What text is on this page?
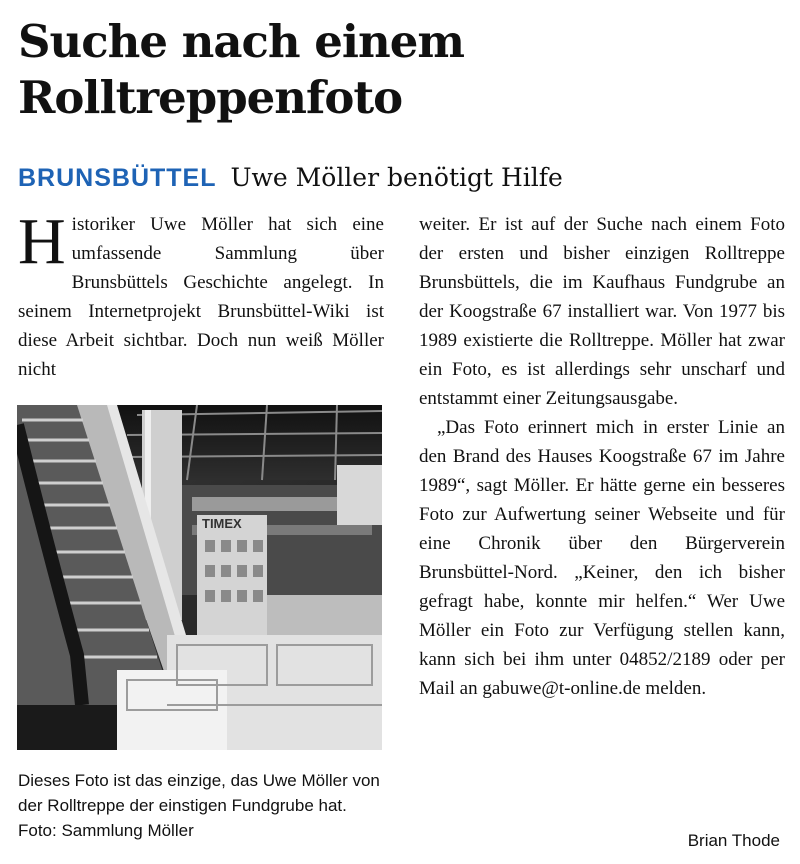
Suche nach einem
Rolltreppenfoto
BRUNSBÜTTEL Uwe Möller benötigt Hilfe
H istoriker Uwe Möller hat sich eine umfassende Sammlung über Brunsbüttels Geschichte angelegt. In seinem Internetprojekt Brunsbüttel-Wiki ist diese Arbeit sichtbar. Doch nun weiß Möller nicht
TIMEX
Dieses Foto ist das einzige, das Uwe Möller von der Rolltreppe der einstigen Fundgrube hat. Foto: Sammlung Möller

weiter. Er ist auf der Suche nach einem Foto der ersten und bisher einzigen Rolltreppe Brunsbüttels, die im Kaufhaus Fundgrube an der Koogstraße 67 installiert war. Von 1977 bis 1989 existierte die Rolltreppe. Möller hat zwar ein Foto, es ist allerdings sehr unscharf und entstammt einer Zeitungsausgabe.

„Das Foto erinnert mich in erster Linie an den Brand des Hauses Koogstraße 67 im Jahre 1989“, sagt Möller. Er hätte gerne ein besseres Foto zur Aufwertung seiner Webseite und für eine Chronik über den Bürgerverein Brunsbüttel-Nord. „Keiner, den ich bisher gefragt habe, konnte mir helfen.“ Wer Uwe Möller ein Foto zur Verfügung stellen kann, kann sich bei ihm unter 04852/2189 oder per Mail an gabuwe@t-online.de melden.

Brian Thode
